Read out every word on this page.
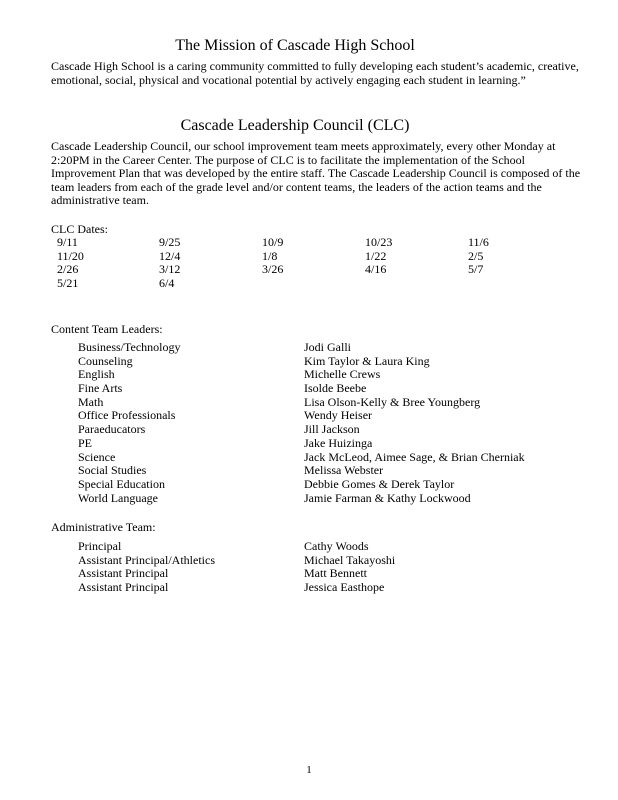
The Mission of Cascade High School

Cascade High School is a caring community committed to fully developing each student’s academic, creative, emotional, social, physical and vocational potential by actively engaging each student in learning.”

Cascade Leadership Council (CLC)

Cascade Leadership Council, our school improvement team meets approximately, every other Monday at 2:20PM in the Career Center. The purpose of CLC is to facilitate the implementation of the School Improvement Plan that was developed by the entire staff. The Cascade Leadership Council is composed of the team leaders from each of the grade level and/or content teams, the leaders of the action teams and the administrative team.

CLC Dates:

9/11	9/25	10/9	10/23	11/6
11/20	12/4	1/8	1/22	2/5
2/26	3/12	3/26	4/16	5/7
5/21	6/4

Content Team Leaders:

Business/Technology	Jodi Galli
Counseling	Kim Taylor & Laura King
English	Michelle Crews
Fine Arts	Isolde Beebe
Math	Lisa Olson-Kelly & Bree Youngberg
Office Professionals	Wendy Heiser
Paraeducators	Jill Jackson
PE	Jake Huizinga
Science	Jack McLeod, Aimee Sage, & Brian Cherniak
Social Studies	Melissa Webster
Special Education	Debbie Gomes & Derek Taylor
World Language	Jamie Farman & Kathy Lockwood

Administrative Team:

Principal	Cathy Woods
Assistant Principal/Athletics	Michael Takayoshi
Assistant Principal	Matt Bennett
Assistant Principal	Jessica Easthope
1
